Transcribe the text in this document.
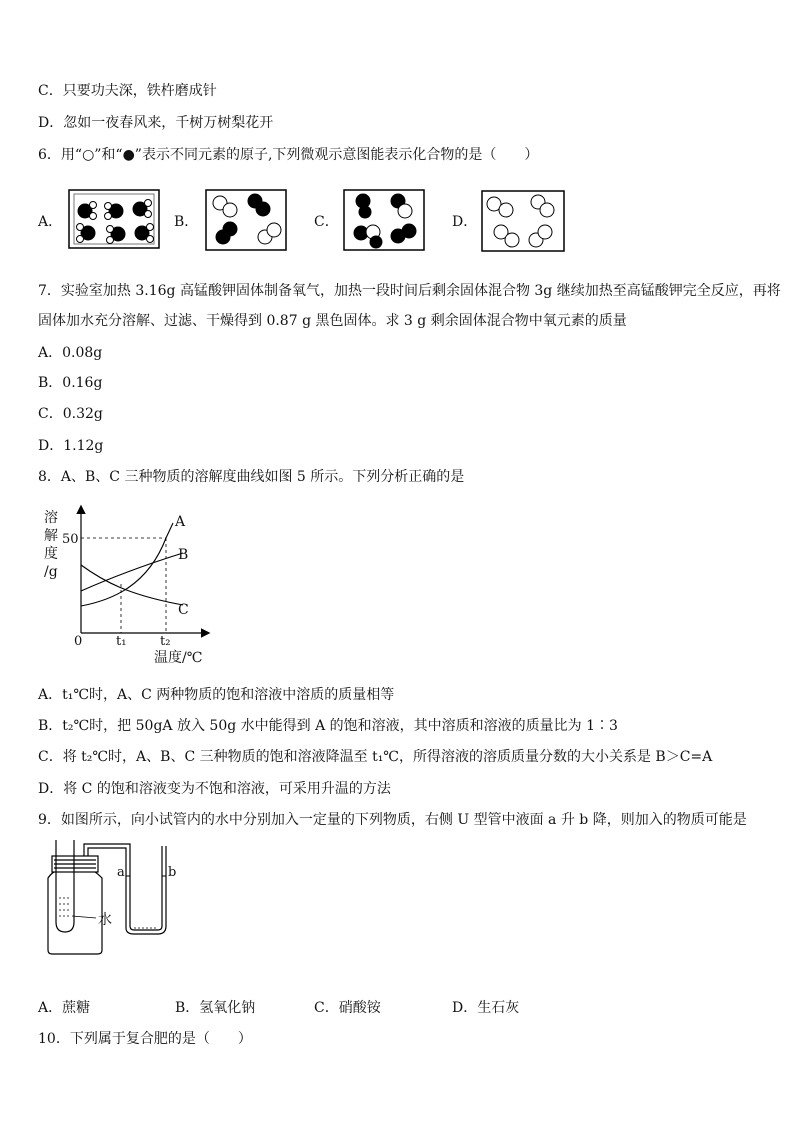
C．只要功夫深，铁杵磨成针
D．忽如一夜春风来，千树万树梨花开
6．用“○”和“●”表示不同元素的原子,下列微观示意图能表示化合物的是（　　）
A．	B．	C．	D．
7．实验室加热 3.16g 高锰酸钾固体制备氧气，加热一段时间后剩余固体混合物 3g 继续加热至高锰酸钾完全反应，再将
固体加水充分溶解、过滤、干燥得到 0.87 g 黑色固体。求 3 g 剩余固体混合物中氧元素的质量
A．0.08g
B．0.16g
C．0.32g
D．1.12g
8．A、B、C 三种物质的溶解度曲线如图 5 所示。下列分析正确的是
溶
解
度
/g
50
0	t₁	t₂
温度/℃
A
B
C
A．t₁℃时，A、C 两种物质的饱和溶液中溶质的质量相等
B．t₂℃时，把 50gA 放入 50g 水中能得到 A 的饱和溶液，其中溶质和溶液的质量比为 1∶3
C．将 t₂℃时，A、B、C 三种物质的饱和溶液降温至 t₁℃，所得溶液的溶质质量分数的大小关系是 B＞C=A
D．将 C 的饱和溶液变为不饱和溶液，可采用升温的方法
9．如图所示，向小试管内的水中分别加入一定量的下列物质，右侧 U 型管中液面 a 升 b 降，则加入的物质可能是
水
a	b
A．蔗糖	B．氢氧化钠	C．硝酸铵	D．生石灰
10．下列属于复合肥的是（　　）
